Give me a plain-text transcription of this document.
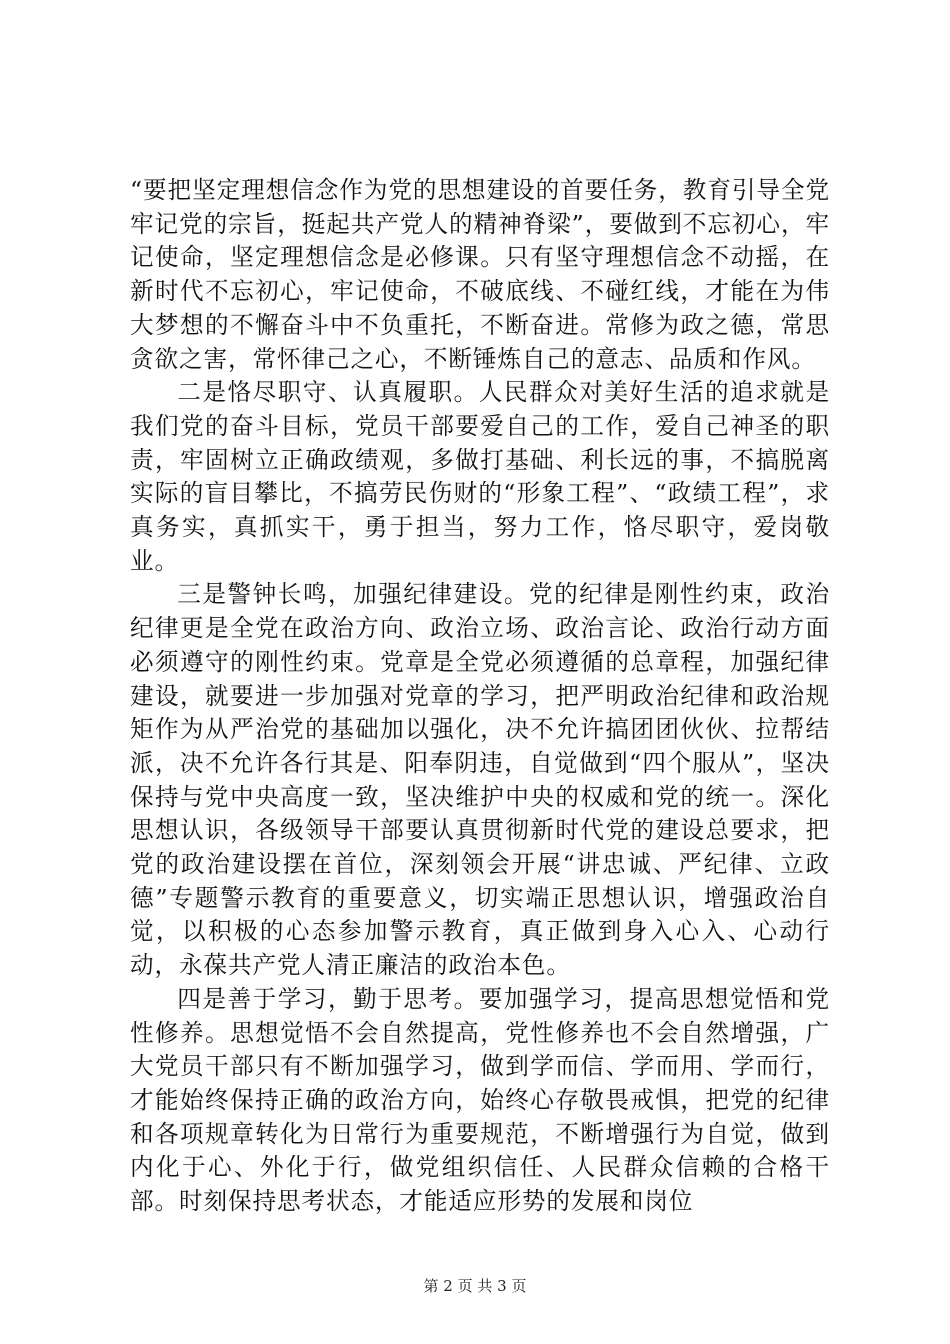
“要把坚定理想信念作为党的思想建设的首要任务，教育引导全党牢记党的宗旨，挺起共产党人的精神脊梁”，要做到不忘初心，牢记使命，坚定理想信念是必修课。只有坚守理想信念不动摇，在新时代不忘初心，牢记使命，不破底线、不碰红线，才能在为伟大梦想的不懈奋斗中不负重托，不断奋进。常修为政之德，常思贪欲之害，常怀律己之心，不断锤炼自己的意志、品质和作风。

二是恪尽职守、认真履职。人民群众对美好生活的追求就是我们党的奋斗目标，党员干部要爱自己的工作，爱自己神圣的职责，牢固树立正确政绩观，多做打基础、利长远的事，不搞脱离实际的盲目攀比，不搞劳民伤财的“形象工程”、“政绩工程”，求真务实，真抓实干，勇于担当，努力工作，恪尽职守，爱岗敬业。

三是警钟长鸣，加强纪律建设。党的纪律是刚性约束，政治纪律更是全党在政治方向、政治立场、政治言论、政治行动方面必须遵守的刚性约束。党章是全党必须遵循的总章程，加强纪律建设，就要进一步加强对党章的学习，把严明政治纪律和政治规矩作为从严治党的基础加以强化，决不允许搞团团伙伙、拉帮结派，决不允许各行其是、阳奉阴违，自觉做到“四个服从”，坚决保持与党中央高度一致，坚决维护中央的权威和党的统一。深化思想认识，各级领导干部要认真贯彻新时代党的建设总要求，把党的政治建设摆在首位，深刻领会开展“讲忠诚、严纪律、立政德”专题警示教育的重要意义，切实端正思想认识，增强政治自觉，以积极的心态参加警示教育，真正做到身入心入、心动行动，永葆共产党人清正廉洁的政治本色。

四是善于学习，勤于思考。要加强学习，提高思想觉悟和党性修养。思想觉悟不会自然提高，党性修养也不会自然增强，广大党员干部只有不断加强学习，做到学而信、学而用、学而行，才能始终保持正确的政治方向，始终心存敬畏戒惧，把党的纪律和各项规章转化为日常行为重要规范，不断增强行为自觉，做到内化于心、外化于行，做党组织信任、人民群众信赖的合格干部。时刻保持思考状态，才能适应形势的发展和岗位

第 2 页 共 3 页
